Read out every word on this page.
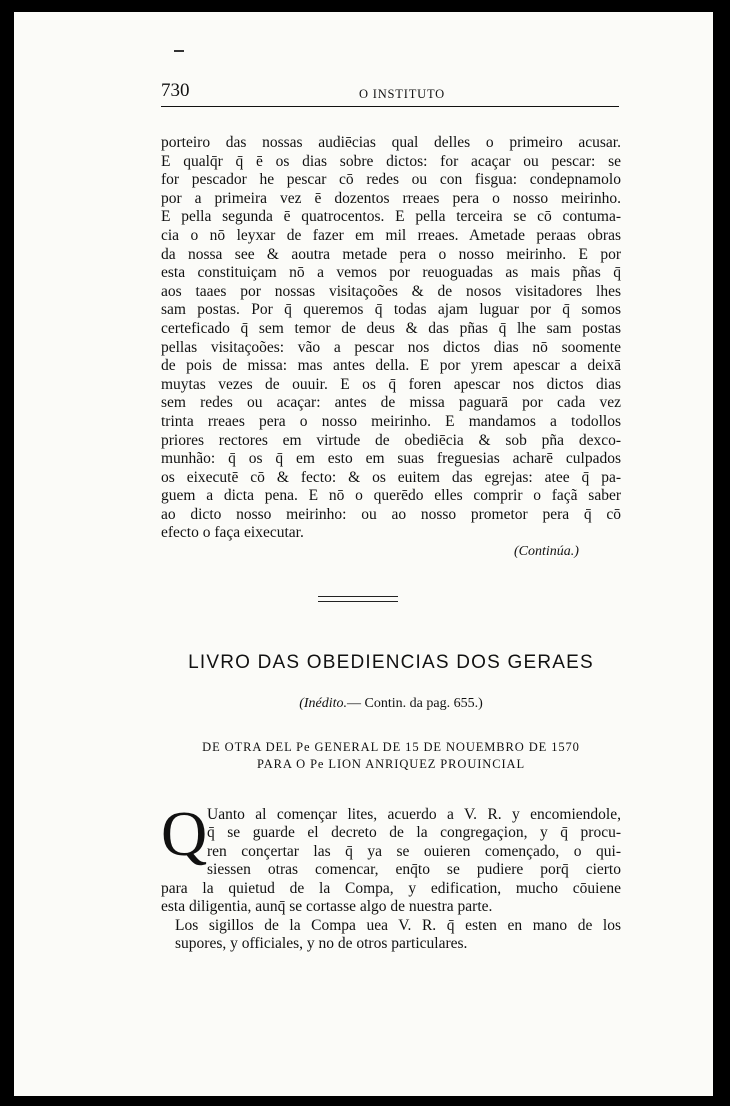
730	O INSTITUTO
porteiro das nossas audiēcias qual delles o primeiro acusar.
E qualq̄r q̄ ē os dias sobre dictos: for acaçar ou pescar: se
for pescador he pescar cō redes ou con fisgua: condepnamolo
por a primeira vez ē dozentos rreaes pera o nosso meirinho.
E pella segunda ē quatrocentos. E pella terceira se cō contuma-
cia o nō leyxar de fazer em mil rreaes. Ametade peraas obras
da nossa see & aoutra metade pera o nosso meirinho. E por
esta constituiçam nō a vemos por reuoguadas as mais pñas q̄
aos taaes por nossas visitaçoões & de nosos visitadores lhes
sam postas. Por q̄ queremos q̄ todas ajam luguar por q̄ somos
certeficado q̄ sem temor de deus & das pñas q̄ lhe sam postas
pellas visitaçoões: vão a pescar nos dictos dias nō soomente
de pois de missa: mas antes della. E por yrem apescar a deixā
muytas vezes de ouuir. E os q̄ foren apescar nos dictos dias
sem redes ou acaçar: antes de missa paguarā por cada vez
trinta rreaes pera o nosso meirinho. E mandamos a todollos
priores rectores em virtude de obediēcia & sob pña dexco-
munhão: q̄ os q̄ em esto em suas freguesias acharē culpados
os eixecutē cō & fecto: & os euitem das egrejas: atee q̄ pa-
guem a dicta pena. E nō o querēdo elles comprir o façã saber
ao dicto nosso meirinho: ou ao nosso prometor pera q̄ cō
efecto o faça eixecutar.
(Continúa.)
LIVRO DAS OBEDIENCIAS DOS GERAES
(Inédito.— Contin. da pag. 655.)

DE OTRA DEL Pe GENERAL DE 15 DE NOUEMBRO DE 1570

PARA O Pe LION ANRIQUEZ PROUINCIAL

Q Uanto al començar lites, acuerdo a V. R. y encomiendole,
q̄ se guarde el decreto de la congregaçion, y q̄ procu-
ren conçertar las q̄ ya se ouieren començado, o qui-
siessen otras comencar, enq̄to se pudiere porq̄ cierto

para la quietud de la Compa, y edification, mucho cōuiene
esta diligentia, aunq̄ se cortasse algo de nuestra parte.

Los sigillos de la Compa uea V. R. q̄ esten en mano de los
supores, y officiales, y no de otros particulares.
